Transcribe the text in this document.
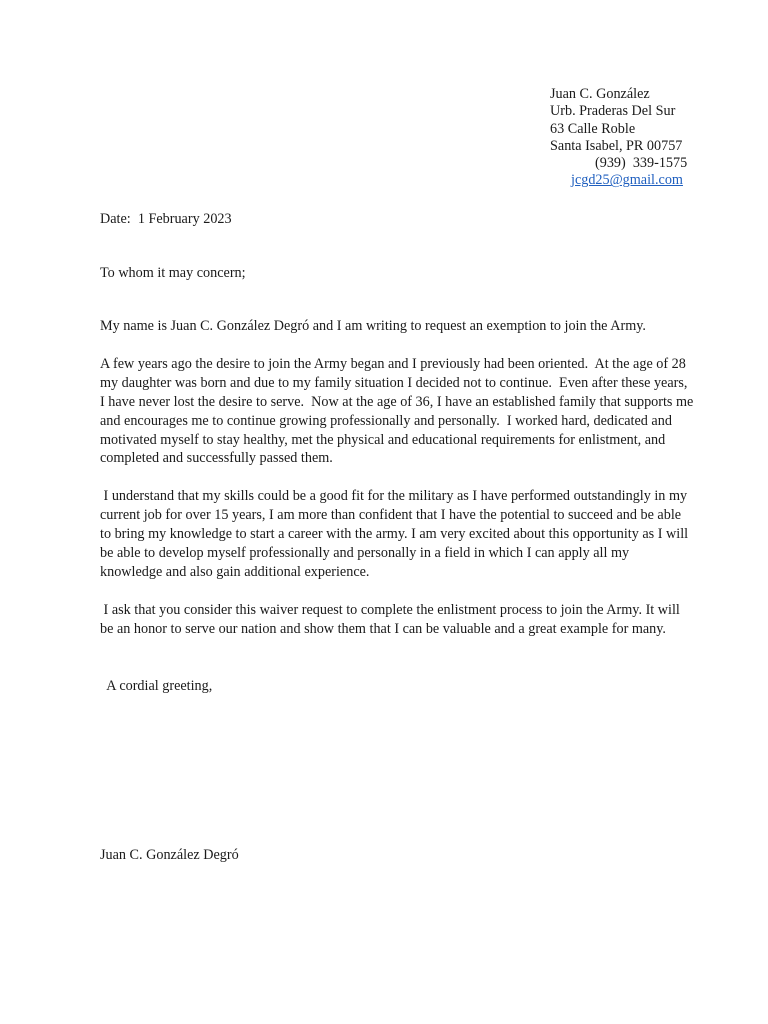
Juan C. González
Urb. Praderas Del Sur
63 Calle Roble
Santa Isabel, PR 00757
(939)  339-1575
jcgd25@gmail.com
Date:  1 February 2023
To whom it may concern;

My name is Juan C. González Degró and I am writing to request an exemption to join the Army.

A few years ago the desire to join the Army began and I previously had been oriented.  At the age of 28 my daughter was born and due to my family situation I decided not to continue.  Even after these years, I have never lost the desire to serve.  Now at the age of 36, I have an established family that supports me and encourages me to continue growing professionally and personally.  I worked hard, dedicated and motivated myself to stay healthy, met the physical and educational requirements for enlistment, and completed and successfully passed them.

I understand that my skills could be a good fit for the military as I have performed outstandingly in my current job for over 15 years, I am more than confident that I have the potential to succeed and be able to bring my knowledge to start a career with the army. I am very excited about this opportunity as I will be able to develop myself professionally and personally in a field in which I can apply all my knowledge and also gain additional experience.

I ask that you consider this waiver request to complete the enlistment process to join the Army. It will be an honor to serve our nation and show them that I can be valuable and a great example for many.

A cordial greeting,
Juan C. González Degró
